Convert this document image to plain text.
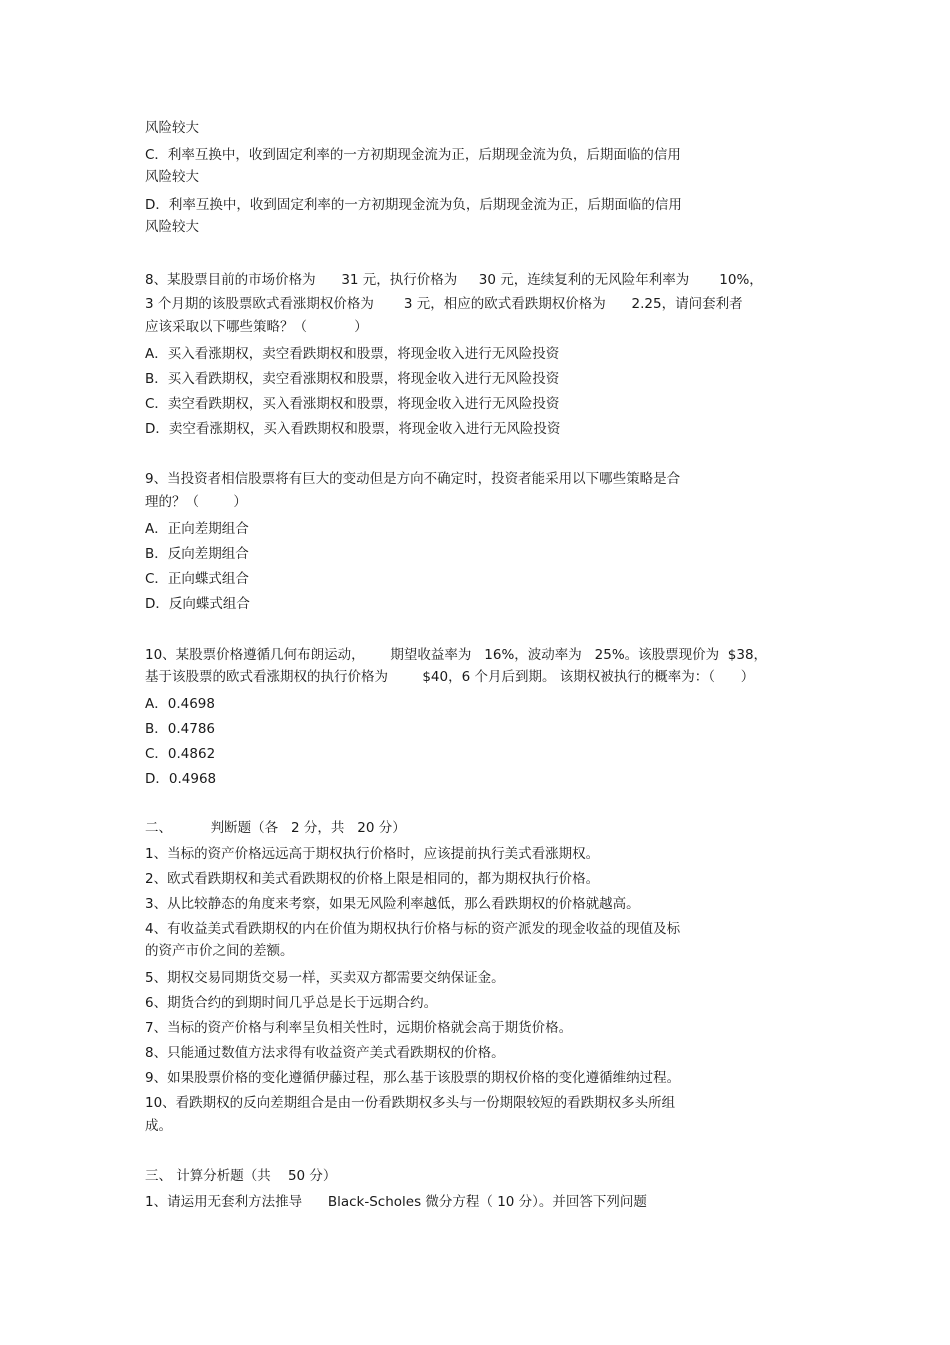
风险较大
C．利率互换中，收到固定利率的一方初期现金流为正，后期现金流为负，后期面临的信用
风险较大
D．利率互换中，收到固定利率的一方初期现金流为负，后期现金流为正，后期面临的信用
风险较大
8、某股票目前的市场价格为      31 元，执行价格为     30 元，连续复利的无风险年利率为       10%，
3 个月期的该股票欧式看涨期权价格为       3 元，相应的欧式看跌期权价格为      2.25，请问套利者
应该采取以下哪些策略？（           ）
A．买入看涨期权，卖空看跌期权和股票，将现金收入进行无风险投资
B．买入看跌期权，卖空看涨期权和股票，将现金收入进行无风险投资
C．卖空看跌期权，买入看涨期权和股票，将现金收入进行无风险投资
D．卖空看涨期权，买入看跌期权和股票，将现金收入进行无风险投资
9、当投资者相信股票将有巨大的变动但是方向不确定时，投资者能采用以下哪些策略是合
理的？（        ）
A．正向差期组合
B．反向差期组合
C．正向蝶式组合
D．反向蝶式组合
10、某股票价格遵循几何布朗运动，      期望收益率为   16%，波动率为   25%。该股票现价为  $38，
基于该股票的欧式看涨期权的执行价格为        $40，6 个月后到期。 该期权被执行的概率为：（      ）
A．0.4698
B．0.4786
C．0.4862
D．0.4968
二、         判断题（各   2 分，共   20 分）
1、当标的资产价格远远高于期权执行价格时，应该提前执行美式看涨期权。
2、欧式看跌期权和美式看跌期权的价格上限是相同的，都为期权执行价格。
3、从比较静态的角度来考察，如果无风险利率越低，那么看跌期权的价格就越高。
4、有收益美式看跌期权的内在价值为期权执行价格与标的资产派发的现金收益的现值及标
的资产市价之间的差额。
5、期权交易同期货交易一样，买卖双方都需要交纳保证金。
6、期货合约的到期时间几乎总是长于远期合约。
7、当标的资产价格与利率呈负相关性时，远期价格就会高于期货价格。
8、只能通过数值方法求得有收益资产美式看跌期权的价格。
9、如果股票价格的变化遵循伊藤过程，那么基于该股票的期权价格的变化遵循维纳过程。
10、看跌期权的反向差期组合是由一份看跌期权多头与一份期限较短的看跌期权多头所组
成。
三、 计算分析题（共    50 分）
1、请运用无套利方法推导      Black-Scholes 微分方程（ 10 分）。并回答下列问题
